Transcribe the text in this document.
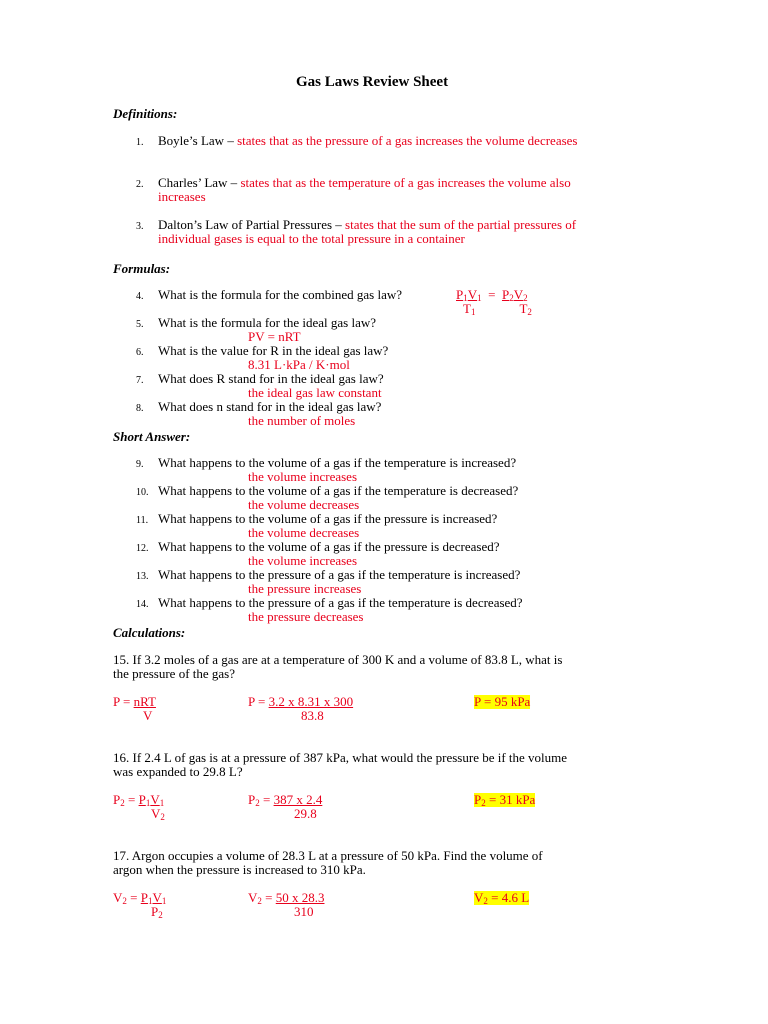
Gas Laws Review Sheet
Definitions:
1. Boyle’s Law – states that as the pressure of a gas increases the volume decreases
2. Charles’ Law – states that as the temperature of a gas increases the volume also
increases
3. Dalton’s Law of Partial Pressures – states that the sum of the partial pressures of
individual gases is equal to the total pressure in a container
Formulas:
4. What is the formula for the combined gas law?	$P_1V_1 = P_2V_2$
$T_1$	$T_2$
5. What is the formula for the ideal gas law?
PV = nRT
6. What is the value for R in the ideal gas law?
8.31 L·kPa / K·mol
7. What does R stand for in the ideal gas law?
the ideal gas law constant
8. What does n stand for in the ideal gas law?
the number of moles
Short Answer:
9. What happens to the volume of a gas if the temperature is increased?
the volume increases
10. What happens to the volume of a gas if the temperature is decreased?
the volume decreases
11. What happens to the volume of a gas if the pressure is increased?
the volume decreases
12. What happens to the volume of a gas if the pressure is decreased?
the volume increases
13. What happens to the pressure of a gas if the temperature is increased?
the pressure increases
14. What happens to the pressure of a gas if the temperature is decreased?
the pressure decreases
Calculations:
15. If 3.2 moles of a gas are at a temperature of 300 K and a volume of 83.8 L, what is
the pressure of the gas?
P = nRT
V
P = 3.2 x 8.31 x 300
83.8
P = 95 kPa
16. If 2.4 L of gas is at a pressure of 387 kPa, what would the pressure be if the volume
was expanded to 29.8 L?
$P_2 = P_1V_1$
$V_2$
$P_2 = 387$ x 2.4
29.8
$P_2 = 31$ kPa
17. Argon occupies a volume of 28.3 L at a pressure of 50 kPa. Find the volume of
argon when the pressure is increased to 310 kPa.
$V_2 = P_1V_1$
$P_2$
$V_2 = 50$ x 28.3
310
$V_2 = 4.6$ L
